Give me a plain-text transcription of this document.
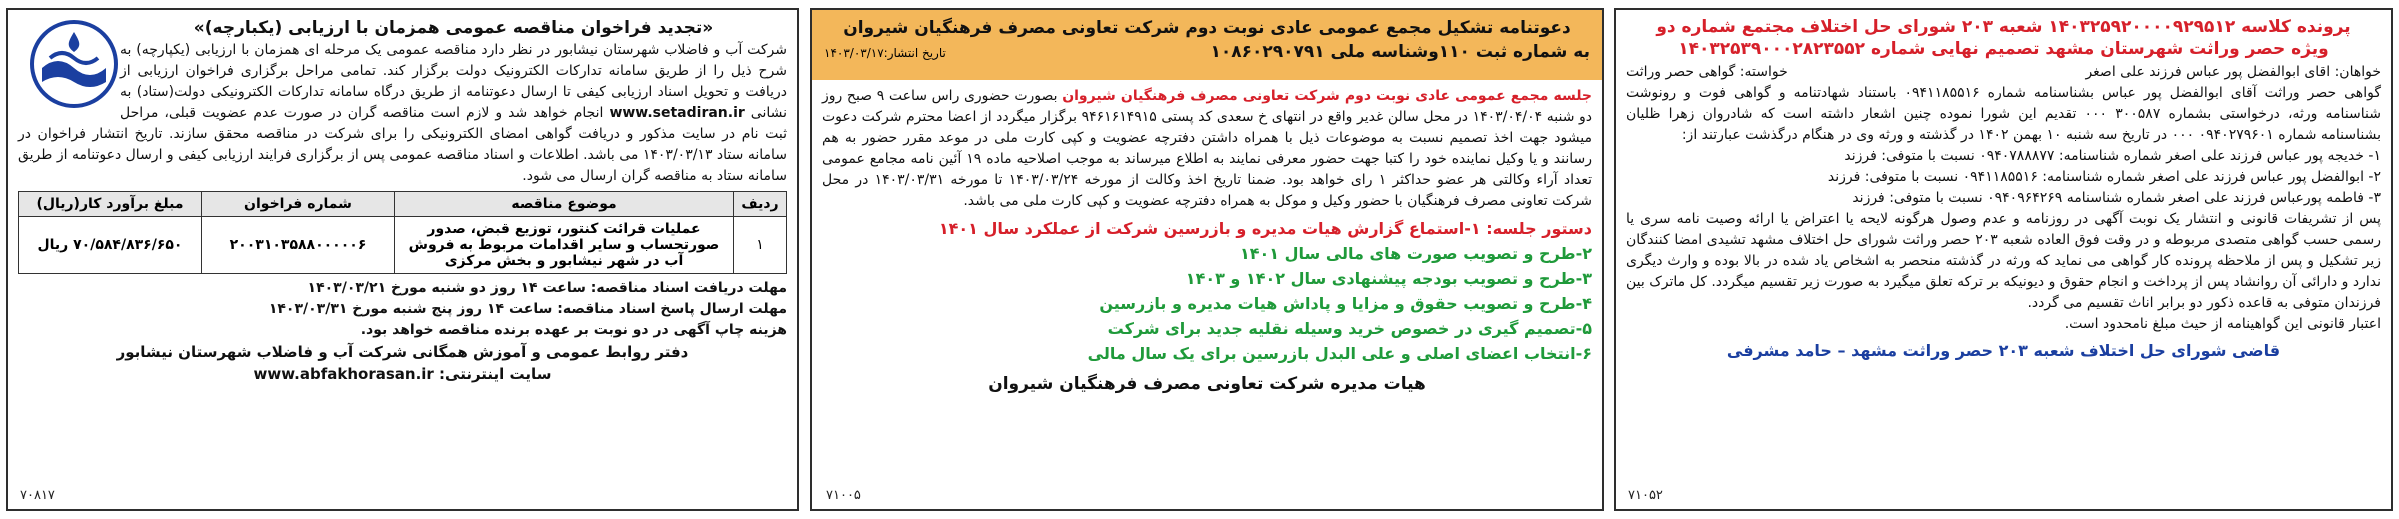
«تجدید فراخوان مناقصه عمومی همزمان با ارزیابی (یکبارچه)»
شرکت آب و فاضلاب شهرستان نیشابور در نظر دارد مناقصه عمومی یک مرحله ای همزمان با ارزیابی (یکپارچه) به شرح ذیل را از طریق سامانه تدارکات الکترونیک دولت برگزار کند. تمامی مراحل برگزاری فراخوان ارزیابی از دریافت و تحویل اسناد ارزیابی کیفی تا ارسال دعوتنامه از طریق درگاه سامانه تدارکات الکترونیکی دولت(ستاد) به نشانی www.setadiran.ir انجام خواهد شد و لازم است مناقصه گران در صورت عدم عضویت قبلی، مراحل ثبت نام در سایت مذکور و دریافت گواهی امضای الکترونیکی را برای شرکت در مناقصه محقق سازند. تاریخ انتشار فراخوان در سامانه ستاد ۱۴۰۳/۰۳/۱۳ می باشد. اطلاعات و اسناد مناقصه عمومی پس از برگزاری فرایند ارزیابی کیفی و ارسال دعوتنامه از طریق سامانه ستاد به مناقصه گران ارسال می شود.
ردیف	موضوع مناقصه	شماره فراخوان	مبلغ برآورد کار(ریال)
۱	عملیات قرائت کنتور، توزیع قبض، صدور صورتحساب و سایر اقدامات مربوط به فروش آب در شهر نیشابور و بخش مرکزی	۲۰۰۳۱۰۳۵۸۸۰۰۰۰۰۶	۷۰/۵۸۴/۸۳۶/۶۵۰ ریال
مهلت دریافت اسناد مناقصه: ساعت ۱۴ روز دو شنبه مورخ ۱۴۰۳/۰۳/۲۱
مهلت ارسال پاسخ اسناد مناقصه: ساعت ۱۴ روز پنج شنبه مورخ ۱۴۰۳/۰۳/۳۱
هزینه چاپ آگهی در دو نوبت بر عهده برنده مناقصه خواهد بود.
دفتر روابط عمومی و آموزش همگانی شرکت آب و فاضلاب شهرستان نیشابور
سایت اینترنتی: www.abfakhorasan.ir
۷۰۸۱۷
دعوتنامه تشکیل مجمع عمومی عادی نوبت دوم شرکت تعاونی مصرف فرهنگیان شیروان
به شماره ثبت ۱۱۰وشناسه ملی ۱۰۸۶۰۲۹۰۷۹۱
تاریخ انتشار:۱۴۰۳/۰۳/۱۷
جلسه مجمع عمومی عادی نوبت دوم شرکت تعاونی مصرف فرهنگیان شیروان بصورت حضوری راس ساعت ۹ صبح روز دو شنبه ۱۴۰۳/۰۴/۰۴ در محل سالن غدیر واقع در انتهای خ سعدی کد پستی ۹۴۶۱۶۱۴۹۱۵ برگزار میگردد از اعضا محترم شرکت دعوت میشود جهت اخذ تصمیم نسبت به موضوعات ذیل با همراه داشتن دفترچه عضویت و کپی کارت ملی در موعد مقرر حضور به هم رسانند و یا وکیل نماینده خود را کتبا جهت حضور معرفی نمایند به اطلاع میرساند به موجب اصلاحیه ماده ۱۹ آئین نامه مجامع عمومی تعداد آراء وکالتی هر عضو حداکثر ۱ رای خواهد بود. ضمنا تاریخ اخذ وکالت از مورخه ۱۴۰۳/۰۳/۲۴ تا مورخه ۱۴۰۳/۰۳/۳۱ در محل شرکت تعاونی مصرف فرهنگیان با حضور وکیل و موکل به همراه دفترچه عضویت و کپی کارت ملی می باشد.
دستور جلسه: ۱-استماع گزارش هیات مدیره و بازرسین شرکت از عملکرد سال ۱۴۰۱
۲-طرح و تصویب صورت های مالی سال ۱۴۰۱
۳-طرح و تصویب بودجه پیشنهادی سال ۱۴۰۲ و ۱۴۰۳
۴-طرح و تصویب حقوق و مزایا و پاداش هیات مدیره و بازرسین
۵-تصمیم گیری در خصوص خرید وسیله نقلیه جدید برای شرکت
۶-انتخاب اعضای اصلی و علی البدل بازرسین برای یک سال مالی
هیات مدیره شرکت تعاونی مصرف فرهنگیان شیروان
۷۱۰۰۵
پرونده کلاسه ۱۴۰۳۲۵۹۲۰۰۰۰۹۲۹۵۱۲ شعبه ۲۰۳ شورای حل اختلاف مجتمع شماره دو
ویژه حصر وراثت شهرستان مشهد تصمیم نهایی شماره ۱۴۰۳۲۵۳۹۰۰۰۲۸۲۳۵۵۲
خواهان: اقای ابوالفضل پور عباس فرزند علی اصغر
خواسته: گواهی حصر وراثت
گواهی حصر وراثت آقای ابوالفضل پور عباس بشناسنامه شماره ۰۹۴۱۱۸۵۵۱۶ باستناد شهادتنامه و گواهی فوت و رونوشت شناسنامه ورثه، درخواستی بشماره ۳۰۰۵۸۷ ۰۰۰ تقدیم این شورا نموده چنین اشعار داشته است که شادروان زهرا ظلیان بشناسنامه شماره ۰۹۴۰۲۷۹۶۰۱ ۰۰۰ در تاریخ سه شنبه ۱۰ بهمن ۱۴۰۲ در گذشته و ورثه وی در هنگام درگذشت عبارتند از:
۱- خدیجه پور عباس فرزند علی اصغر شماره شناسنامه: ۰۹۴۰۷۸۸۸۷۷ نسبت با متوفی: فرزند
۲- ابوالفضل پور عباس فرزند علی اصغر شماره شناسنامه: ۰۹۴۱۱۸۵۵۱۶ نسبت با متوفی: فرزند
۳- فاطمه پورعباس فرزند علی اصغر شماره شناسنامه ۰۹۴۰۹۶۴۲۶۹ نسبت با متوفی: فرزند
پس از تشریفات قانونی و انتشار یک نوبت آگهی در روزنامه و عدم وصول هرگونه لایحه یا اعتراض یا ارائه وصیت نامه سری یا رسمی حسب گواهی متصدی مربوطه و در وقت فوق العاده شعبه ۲۰۳ حصر وراثت شورای حل اختلاف مشهد تشیدی امضا کنندگان زیر تشکیل و پس از ملاحظه پرونده کار گواهی می نماید که ورثه در گذشته منحصر به اشخاص یاد شده در بالا بوده و وارث دیگری ندارد و دارائی آن روانشاد پس از پرداخت و انجام حقوق و دیونیکه بر ترکه تعلق میگیرد به صورت زیر تقسیم میگردد. کل ماترک بین فرزندان متوفی به قاعده ذکور دو برابر اناث تقسیم می گردد.
اعتبار قانونی این گواهینامه از حیث مبلغ نامحدود است.
قاضی شورای حل اختلاف شعبه ۲۰۳ حصر وراثت مشهد – حامد مشرفی
۷۱۰۵۲
